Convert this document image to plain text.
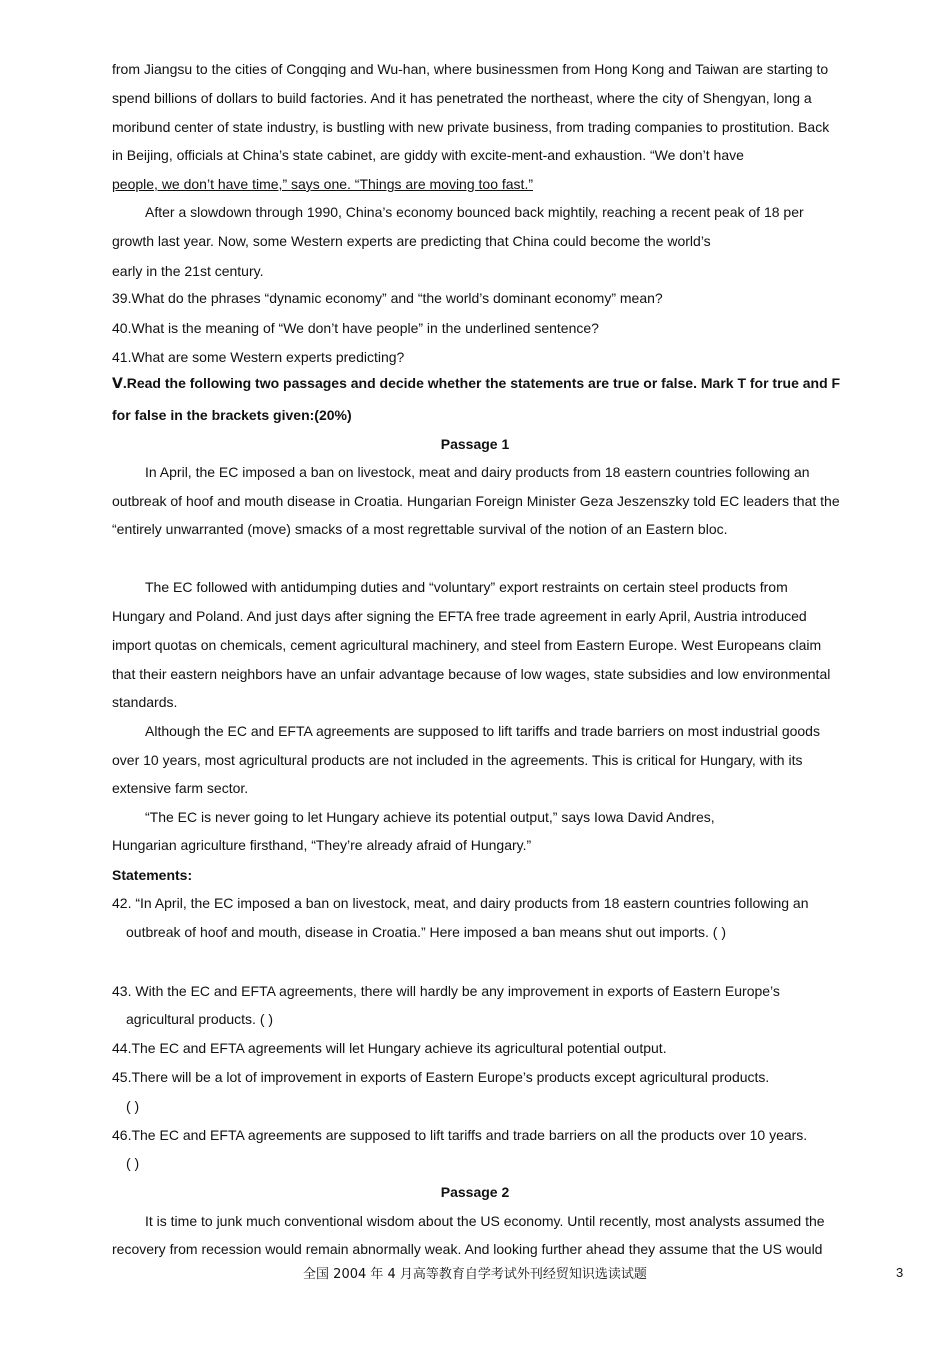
from Jiangsu to the cities of Congqing and Wu-han, where businessmen from Hong Kong and Taiwan are starting to
spend billions of dollars to build factories. And it has penetrated the northeast, where the city of Shengyan, long a
moribund center of state industry, is bustling with new private business, from trading companies to prostitution. Back
in Beijing, officials at China’s state cabinet, are giddy with excite-ment-and exhaustion. “We don’t have
people, we don’t have time,” says one. “Things are moving too fast.”
After a slowdown through 1990, China’s economy bounced back mightily, reaching a recent peak of 18 per
growth last year. Now, some Western experts are predicting that China could become the world’s
early in the 21st century.
39.What do the phrases “dynamic economy” and “the world’s dominant economy” mean?
40.What is the meaning of “We don’t have people” in the underlined sentence?
41.What are some Western experts predicting?
Ⅴ.Read the following two passages and decide whether the statements are true or false. Mark T for true and F
for false in the brackets given:(20%)
Passage 1
In April, the EC imposed a ban on livestock, meat and dairy products from 18 eastern countries following an
outbreak of hoof and mouth disease in Croatia. Hungarian Foreign Minister Geza Jeszenszky told EC leaders that the
“entirely unwarranted (move) smacks of a most regrettable survival of the notion of an Eastern bloc.
The EC followed with antidumping duties and “voluntary” export restraints on certain steel products from
Hungary and Poland. And just days after signing the EFTA free trade agreement in early April, Austria introduced
import quotas on chemicals, cement agricultural machinery, and steel from Eastern Europe. West Europeans claim
that their eastern neighbors have an unfair advantage because of low wages, state subsidies and low environmental
standards.
Although the EC and EFTA agreements are supposed to lift tariffs and trade barriers on most industrial goods
over 10 years, most agricultural products are not included in the agreements. This is critical for Hungary, with its
extensive farm sector.
“The EC is never going to let Hungary achieve its potential output,” says Iowa David Andres,
Hungarian agriculture firsthand, “They’re already afraid of Hungary.”
Statements:
42. “In April, the EC imposed a ban on livestock, meat, and dairy products from 18 eastern countries following an
outbreak of hoof and mouth, disease in Croatia.” Here imposed a ban means shut out imports. ( )
43. With the EC and EFTA agreements, there will hardly be any improvement in exports of Eastern Europe’s
agricultural products. ( )
44.The EC and EFTA agreements will let Hungary achieve its agricultural potential output.
45.There will be a lot of improvement in exports of Eastern Europe’s products except agricultural products.
( )
46.The EC and EFTA agreements are supposed to lift tariffs and trade barriers on all the products over 10 years.
( )
Passage 2
It is time to junk much conventional wisdom about the US economy. Until recently, most analysts assumed the
recovery from recession would remain abnormally weak. And looking further ahead they assume that the US would
全国 2004 年 4 月高等教育自学考试外刊经贸知识选读试题	3
